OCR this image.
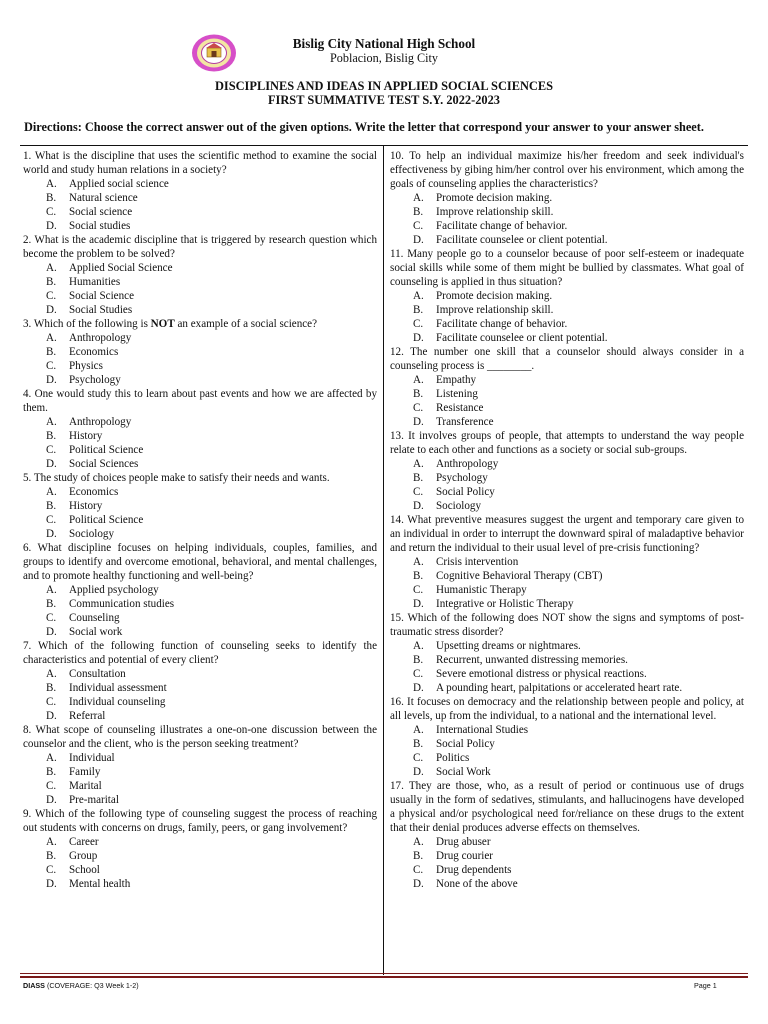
Bislig City National High School
Poblacion, Bislig City
DISCIPLINES AND IDEAS IN APPLIED SOCIAL SCIENCES
FIRST SUMMATIVE TEST S.Y. 2022-2023
Directions: Choose the correct answer out of the given options. Write the letter that correspond your answer to your answer sheet.

1. What is the discipline that uses the scientific method to examine the social world and study human relations in a society?

A. Applied social science
B. Natural science
C. Social science
D. Social studies

2. What is the academic discipline that is triggered by research question which become the problem to be solved?

A. Applied Social Science
B. Humanities
C. Social Science
D. Social Studies

3. Which of the following is NOT an example of a social science?

A. Anthropology
B. Economics
C. Physics
D. Psychology

4. One would study this to learn about past events and how we are affected by them.

A. Anthropology
B. History
C. Political Science
D. Social Sciences

5. The study of choices people make to satisfy their needs and wants.

A. Economics
B. History
C. Political Science
D. Sociology

6. What discipline focuses on helping individuals, couples, families, and groups to identify and overcome emotional, behavioral, and mental challenges, and to promote healthy functioning and well-being?

A. Applied psychology
B. Communication studies
C. Counseling
D. Social work

7. Which of the following function of counseling seeks to identify the characteristics and potential of every client?

A. Consultation
B. Individual assessment
C. Individual counseling
D. Referral

8. What scope of counseling illustrates a one-on-one discussion between the counselor and the client, who is the person seeking treatment?

A. Individual
B. Family
C. Marital
D. Pre-marital

9. Which of the following type of counseling suggest the process of reaching out students with concerns on drugs, family, peers, or gang involvement?

A. Career
B. Group
C. School
D. Mental health

10. To help an individual maximize his/her freedom and seek individual's effectiveness by gibing him/her control over his environment, which among the goals of counseling applies the characteristics?

A. Promote decision making.
B. Improve relationship skill.
C. Facilitate change of behavior.
D. Facilitate counselee or client potential.

11. Many people go to a counselor because of poor self-esteem or inadequate social skills while some of them might be bullied by classmates. What goal of counseling is applied in thus situation?

A. Promote decision making.
B. Improve relationship skill.
C. Facilitate change of behavior.
D. Facilitate counselee or client potential.

12. The number one skill that a counselor should always consider in a counseling process is ________.

A. Empathy
B. Listening
C. Resistance
D. Transference

13. It involves groups of people, that attempts to understand the way people relate to each other and functions as a society or social sub-groups.

A. Anthropology
B. Psychology
C. Social Policy
D. Sociology

14. What preventive measures suggest the urgent and temporary care given to an individual in order to interrupt the downward spiral of maladaptive behavior and return the individual to their usual level of pre-crisis functioning?

A. Crisis intervention
B. Cognitive Behavioral Therapy (CBT)
C. Humanistic Therapy
D. Integrative or Holistic Therapy

15. Which of the following does NOT show the signs and symptoms of post-traumatic stress disorder?

A. Upsetting dreams or nightmares.
B. Recurrent, unwanted distressing memories.
C. Severe emotional distress or physical reactions.
D. A pounding heart, palpitations or accelerated heart rate.

16. It focuses on democracy and the relationship between people and policy, at all levels, up from the individual, to a national and the international level.

A. International Studies
B. Social Policy
C. Politics
D. Social Work

17. They are those, who, as a result of period or continuous use of drugs usually in the form of sedatives, stimulants, and hallucinogens have developed a physical and/or psychological need for/reliance on these drugs to the extent that their denial produces adverse effects on themselves.

A. Drug abuser
B. Drug courier
C. Drug dependents
D. None of the above
DIASS (COVERAGE: Q3 Week 1-2)	Page 1
